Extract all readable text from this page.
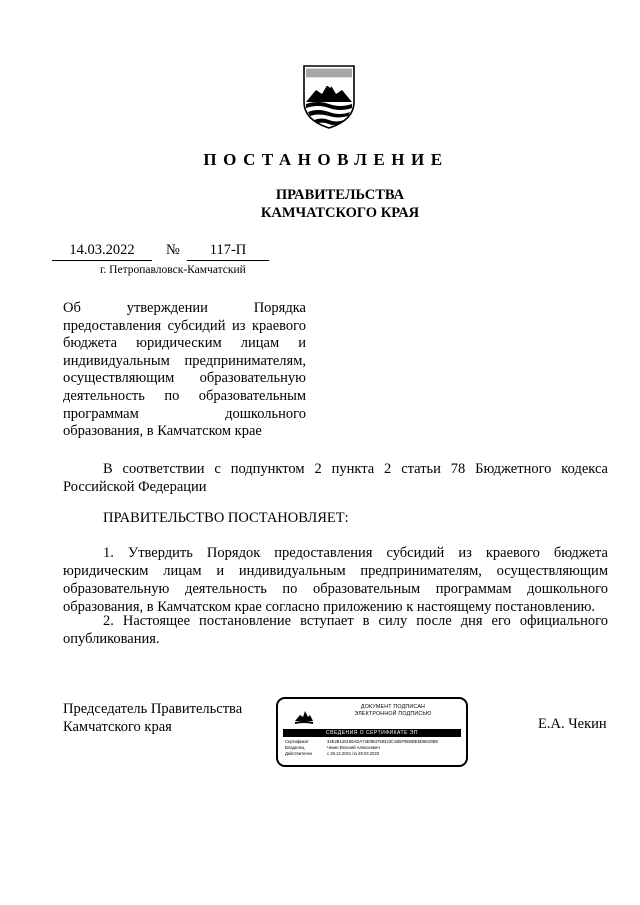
ПОСТАНОВЛЕНИЕ
ПРАВИТЕЛЬСТВА
КАМЧАТСКОГО КРАЯ
14.03.2022	№	117-П
г. Петропавловск-Камчатский
Об утверждении Порядка предоставления субсидий из краевого бюджета юридическим лицам и индивидуальным предпринимателям, осуществляющим образовательную деятельность по образовательным программам дошкольного образования, в Камчатском крае
В соответствии с подпунктом 2 пункта 2 статьи 78 Бюджетного кодекса Российской Федерации
ПРАВИТЕЛЬСТВО ПОСТАНОВЛЯЕТ:
1. Утвердить Порядок предоставления субсидий из краевого бюджета юридическим лицам и индивидуальным предпринимателям, осуществляющим образовательную деятельность по образовательным программам дошкольного образования, в Камчатском крае согласно приложению к настоящему постановлению.
2. Настоящее постановление вступает в силу после дня его официального опубликования.
Председатель Правительства
Камчатского края
ДОКУМЕНТ ПОДПИСАН
ЭЛЕКТРОННОЙ ПОДПИСЬЮ
СВЕДЕНИЯ О СЕРТИФИКАТЕ ЭП
Сертификат	34E2B125196ADA74E0B4759323C1B5F8EBBE5D6E29B8
Владелец	Чекин Евгений Алексеевич
Действителен	с 29.12.2021 по 29.03.2023
Е.А. Чекин
